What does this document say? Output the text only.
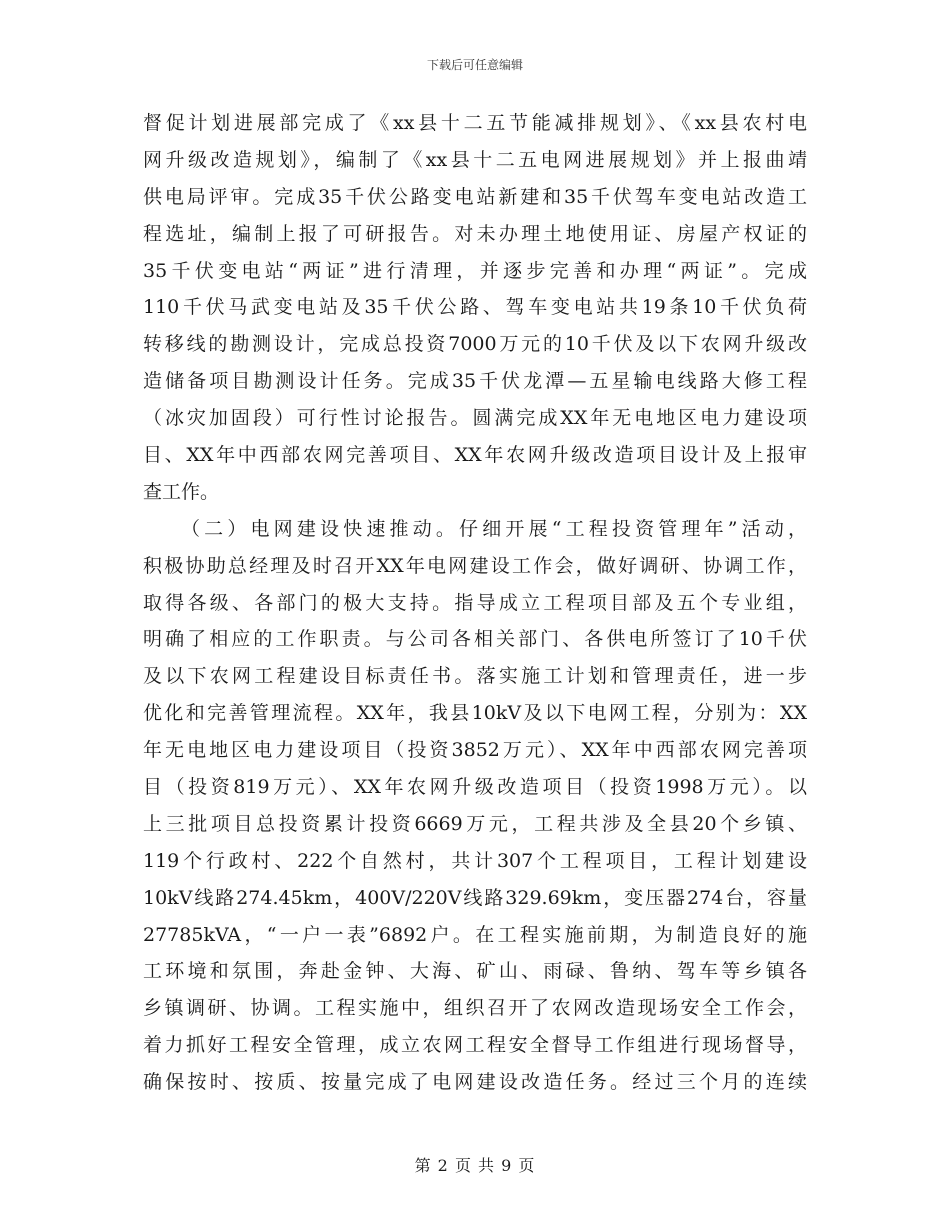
下载后可任意编辑
督促计划进展部完成了《xx县十二五节能减排规划》、《xx县农村电
网升级改造规划》，编制了《xx县十二五电网进展规划》并上报曲靖
供电局评审。完成35千伏公路变电站新建和35千伏驾车变电站改造工
程选址，编制上报了可研报告。对未办理土地使用证、房屋产权证的
35千伏变电站“两证”进行清理，并逐步完善和办理“两证”。完成
110千伏马武变电站及35千伏公路、驾车变电站共19条10千伏负荷
转移线的勘测设计，完成总投资7000万元的10千伏及以下农网升级改
造储备项目勘测设计任务。完成35千伏龙潭—五星输电线路大修工程
（冰灾加固段）可行性讨论报告。圆满完成XX年无电地区电力建设项
目、XX年中西部农网完善项目、XX年农网升级改造项目设计及上报审
查工作。
（二）电网建设快速推动。仔细开展“工程投资管理年”活动，
积极协助总经理及时召开XX年电网建设工作会，做好调研、协调工作，
取得各级、各部门的极大支持。指导成立工程项目部及五个专业组，
明确了相应的工作职责。与公司各相关部门、各供电所签订了10千伏
及以下农网工程建设目标责任书。落实施工计划和管理责任，进一步
优化和完善管理流程。XX年，我县10kV及以下电网工程，分别为：XX
年无电地区电力建设项目（投资3852万元）、XX年中西部农网完善项
目（投资819万元）、XX年农网升级改造项目（投资1998万元）。以
上三批项目总投资累计投资6669万元，工程共涉及全县20个乡镇、
119个行政村、222个自然村，共计307个工程项目，工程计划建设
10kV线路274.45km，400V/220V线路329.69km，变压器274台，容量
27785kVA，“一户一表”6892户。在工程实施前期，为制造良好的施
工环境和氛围，奔赴金钟、大海、矿山、雨碌、鲁纳、驾车等乡镇各
乡镇调研、协调。工程实施中，组织召开了农网改造现场安全工作会，
着力抓好工程安全管理，成立农网工程安全督导工作组进行现场督导，
确保按时、按质、按量完成了电网建设改造任务。经过三个月的连续
第 2 页 共 9 页
